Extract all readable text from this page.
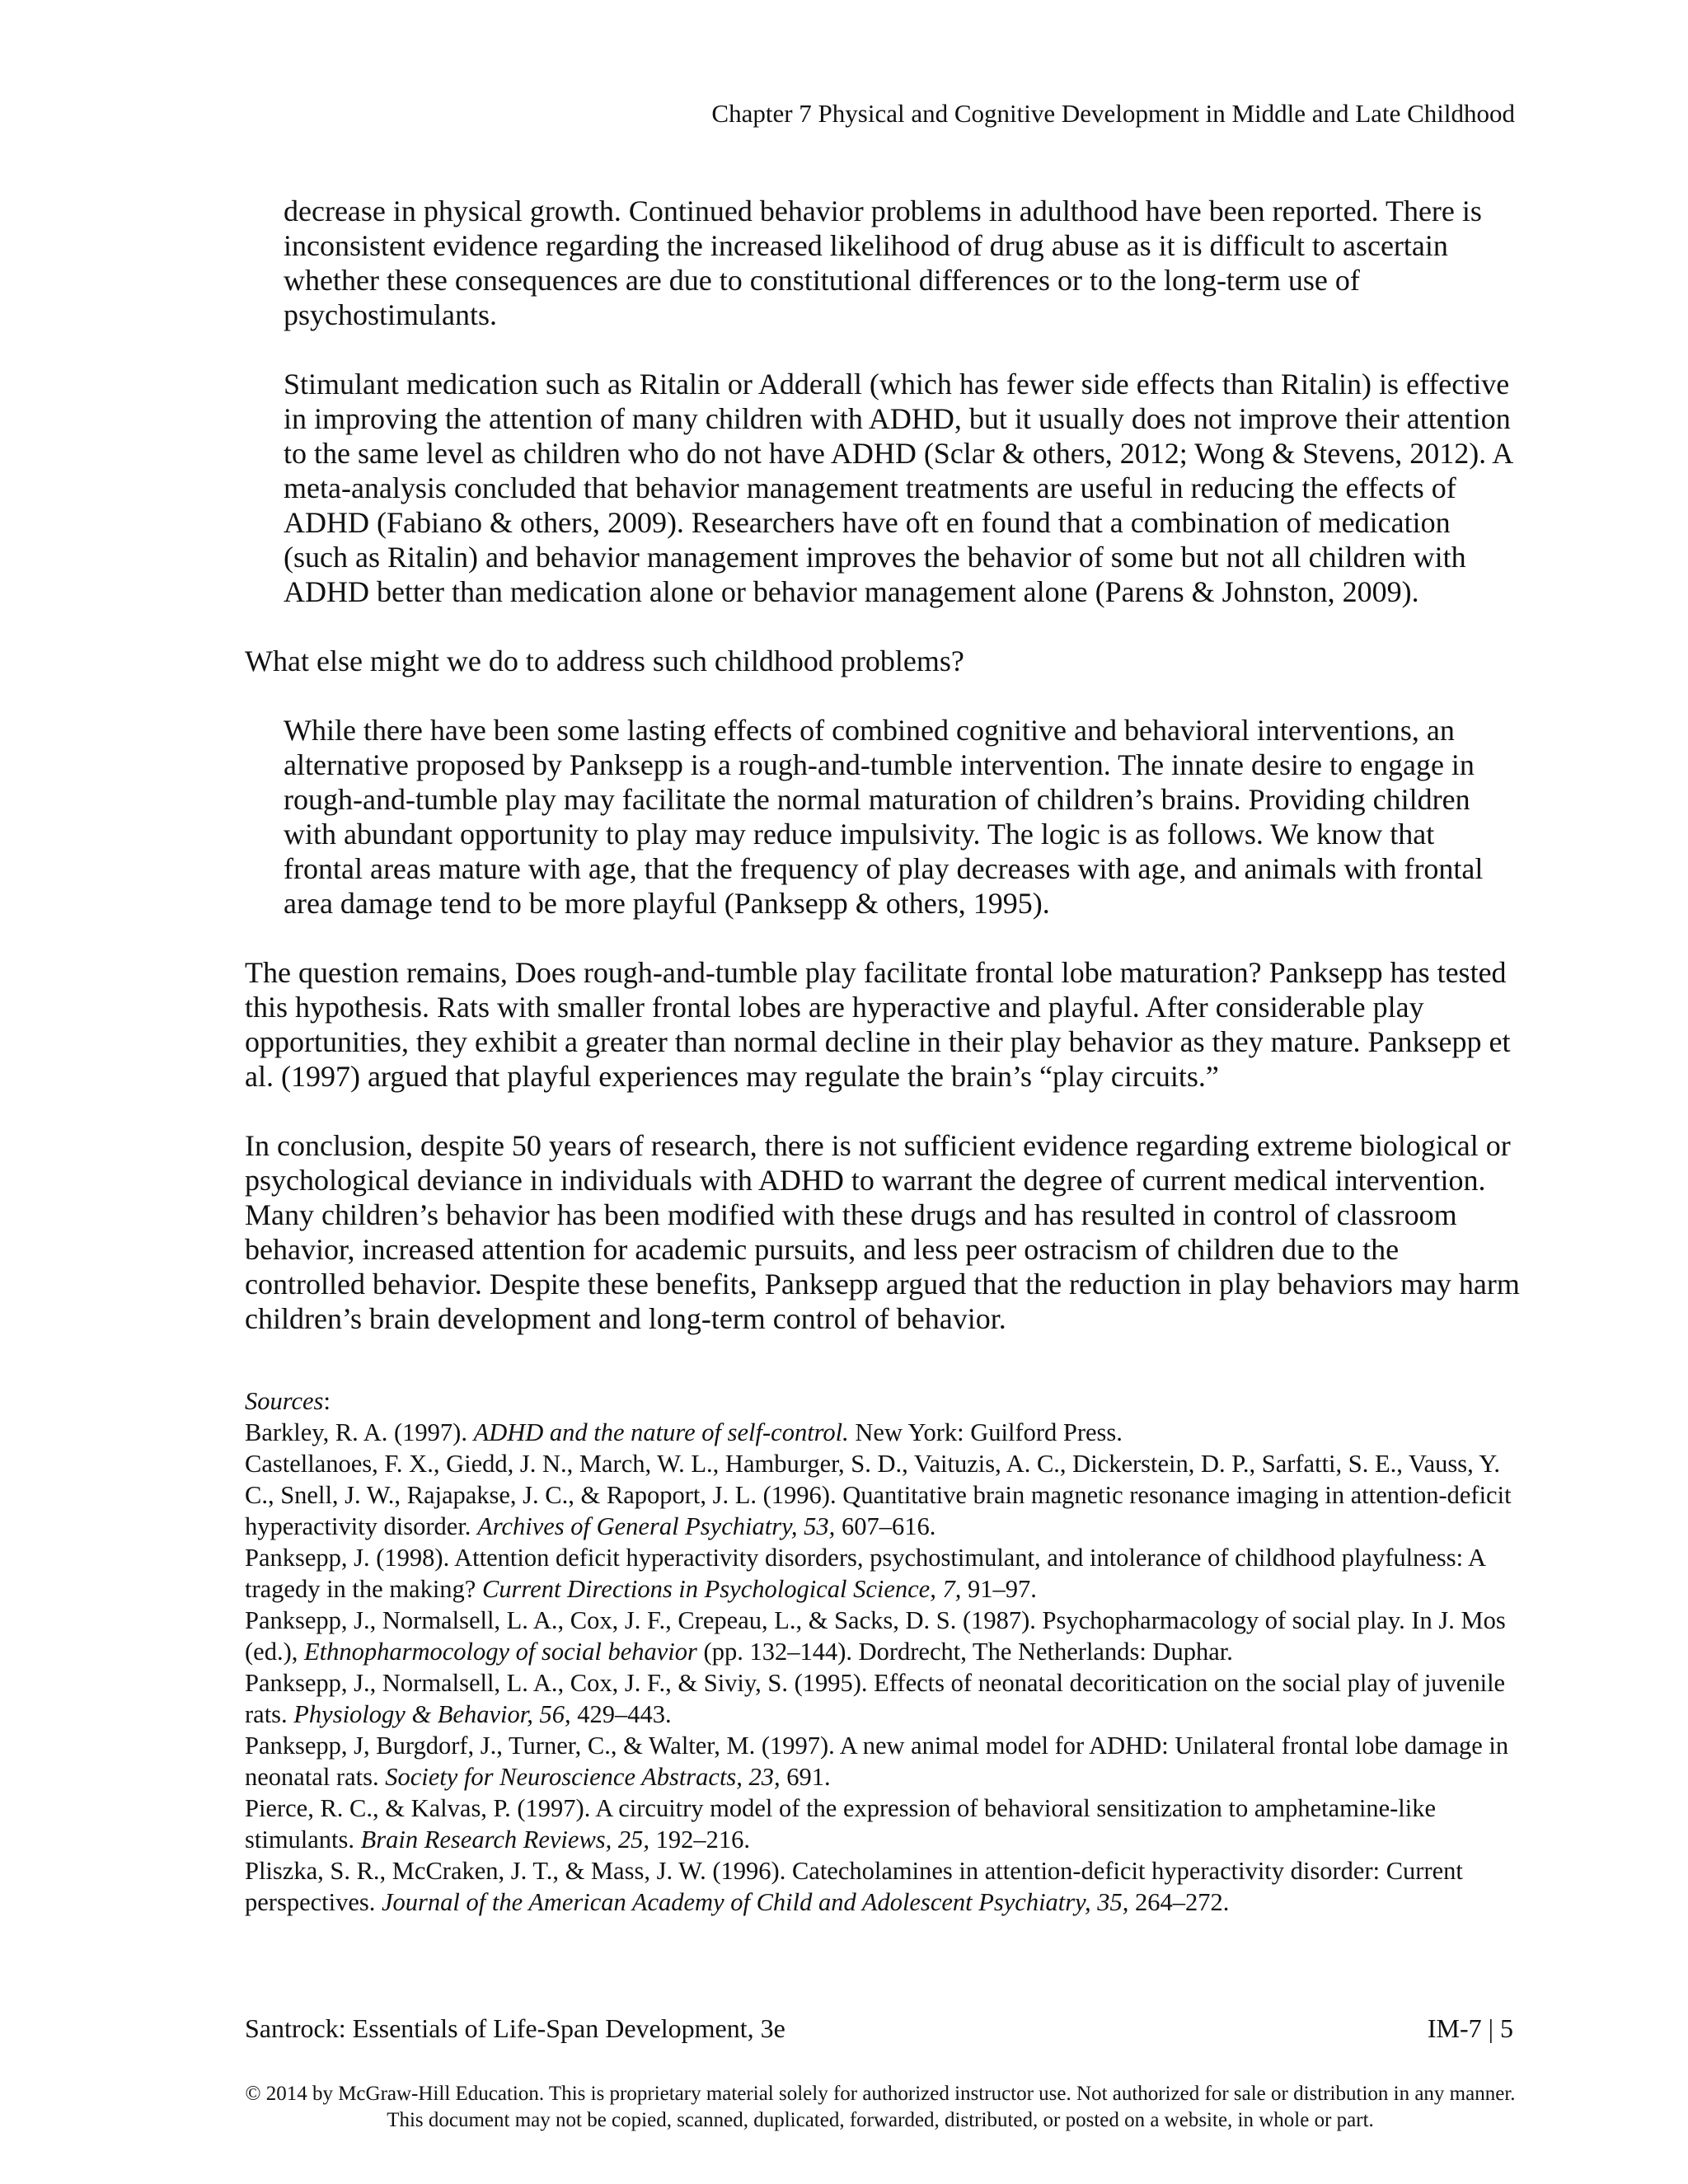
Chapter 7 Physical and Cognitive Development in Middle and Late Childhood

decrease in physical growth. Continued behavior problems in adulthood have been reported. There is inconsistent evidence regarding the increased likelihood of drug abuse as it is difficult to ascertain whether these consequences are due to constitutional differences or to the long-term use of psychostimulants.

Stimulant medication such as Ritalin or Adderall (which has fewer side effects than Ritalin) is effective in improving the attention of many children with ADHD, but it usually does not improve their attention to the same level as children who do not have ADHD (Sclar & others, 2012; Wong & Stevens, 2012). A meta-analysis concluded that behavior management treatments are useful in reducing the effects of ADHD (Fabiano & others, 2009). Researchers have oft en found that a combination of medication (such as Ritalin) and behavior management improves the behavior of some but not all children with ADHD better than medication alone or behavior management alone (Parens & Johnston, 2009).

What else might we do to address such childhood problems?

While there have been some lasting effects of combined cognitive and behavioral interventions, an alternative proposed by Panksepp is a rough-and-tumble intervention. The innate desire to engage in rough-and-tumble play may facilitate the normal maturation of children’s brains. Providing children with abundant opportunity to play may reduce impulsivity. The logic is as follows. We know that frontal areas mature with age, that the frequency of play decreases with age, and animals with frontal area damage tend to be more playful (Panksepp & others, 1995).

The question remains, Does rough-and-tumble play facilitate frontal lobe maturation? Panksepp has tested this hypothesis. Rats with smaller frontal lobes are hyperactive and playful. After considerable play opportunities, they exhibit a greater than normal decline in their play behavior as they mature. Panksepp et al. (1997) argued that playful experiences may regulate the brain’s “play circuits.”

In conclusion, despite 50 years of research, there is not sufficient evidence regarding extreme biological or psychological deviance in individuals with ADHD to warrant the degree of current medical intervention. Many children’s behavior has been modified with these drugs and has resulted in control of classroom behavior, increased attention for academic pursuits, and less peer ostracism of children due to the controlled behavior. Despite these benefits, Panksepp argued that the reduction in play behaviors may harm children’s brain development and long-term control of behavior.

Sources:

Barkley, R. A. (1997). ADHD and the nature of self-control. New York: Guilford Press.

Castellanoes, F. X., Giedd, J. N., March, W. L., Hamburger, S. D., Vaituzis, A. C., Dickerstein, D. P., Sarfatti, S. E., Vauss, Y. C., Snell, J. W., Rajapakse, J. C., & Rapoport, J. L. (1996). Quantitative brain magnetic resonance imaging in attention-deficit hyperactivity disorder. Archives of General Psychiatry, 53, 607–616.

Panksepp, J. (1998). Attention deficit hyperactivity disorders, psychostimulant, and intolerance of childhood playfulness: A tragedy in the making? Current Directions in Psychological Science, 7, 91–97.

Panksepp, J., Normalsell, L. A., Cox, J. F., Crepeau, L., & Sacks, D. S. (1987). Psychopharmacology of social play. In J. Mos (ed.), Ethnopharmocology of social behavior (pp. 132–144). Dordrecht, The Netherlands: Duphar.

Panksepp, J., Normalsell, L. A., Cox, J. F., & Siviy, S. (1995). Effects of neonatal decoritication on the social play of juvenile rats. Physiology & Behavior, 56, 429–443.

Panksepp, J, Burgdorf, J., Turner, C., & Walter, M. (1997). A new animal model for ADHD: Unilateral frontal lobe damage in neonatal rats. Society for Neuroscience Abstracts, 23, 691.

Pierce, R. C., & Kalvas, P. (1997). A circuitry model of the expression of behavioral sensitization to amphetamine-like stimulants. Brain Research Reviews, 25, 192–216.

Pliszka, S. R., McCraken, J. T., & Mass, J. W. (1996). Catecholamines in attention-deficit hyperactivity disorder: Current perspectives. Journal of the American Academy of Child and Adolescent Psychiatry, 35, 264–272.

Santrock: Essentials of Life-Span Development, 3e	IM-7 | 5
© 2014 by McGraw-Hill Education. This is proprietary material solely for authorized instructor use. Not authorized for sale or distribution in any manner. This document may not be copied, scanned, duplicated, forwarded, distributed, or posted on a website, in whole or part.
